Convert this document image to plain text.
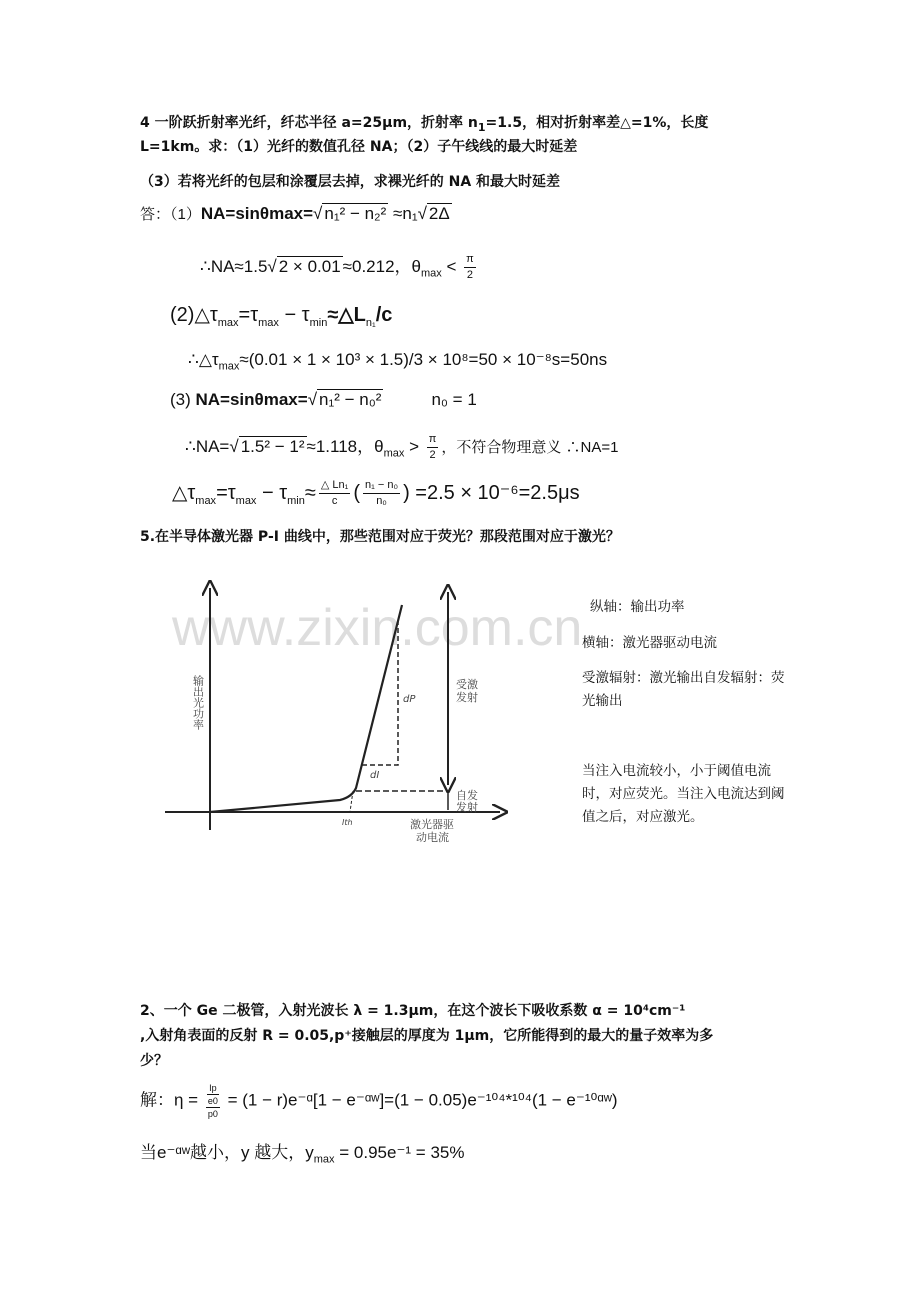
4 一阶跃折射率光纤，纤芯半径 a=25μm，折射率 $n_1=1.5$，相对折射率差△=1%，长度
L=1km。求：（1）光纤的数值孔径 NA；（2）子午线线的最大时延差
（3）若将光纤的包层和涂覆层去掉，求裸光纤的 NA 和最大时延差
答：（1）NA=sinθmax=√ n₁² − n₂² ≈n₁√ 2Δ
∴NA≈1.5√ 2 × 0.01 ≈0.212，$\theta_{max} < \frac{\pi}{2}$
$(2)\triangle\tau_{max}=\tau_{max}$ − $\tau_{min}\approx\triangle L_{n_1}/c$
$\therefore\triangle\tau_{max}\approx(0.01 \times 1 \times 10^3 \times 1.5)/3 \times 10^8=50 \times 10^{-8}s=50ns$
(3) NA=sinθmax=√ n₁² − n₀²	n₀ = 1
∴NA=√ 1.5² − 1² ≈1.118，$\theta_{max} > \frac{\pi}{2}$ ，不符合物理意义 ∴NA=1
$\triangle\tau_{max}=\tau_{max} - \tau_{min}\approx \frac{\text{△ Ln₁}}{c}$ ( $\frac{\text{n₁ − n₀}}{\text{n₀}}$ ) =2.5 × 10⁻⁶=2.5μs
5.在半导体激光器 P-I 曲线中，那些范围对应于荧光？那段范围对应于激光？
www.zixin.com.cn
输出光功率	受激
发射
自发
发射
激光器驱
动电流
dP
dI
Ith
纵轴：输出功率
横轴：激光器驱动电流
受激辐射：激光输出自发辐射：荧光输出
当注入电流较小，小于阈值电流时，对应荧光。当注入电流达到阈值之后，对应激光。
2、一个 Ge 二极管，入射光波长 λ = 1.3μm，在这个波长下吸收系数 α = 10⁴cm⁻¹
,入射角表面的反射 R = 0.05,p⁺接触层的厚度为 1μm，它所能得到的最大的量子效率为多
少？
解：η =
Ip
e0
p0
= (1 − r)e⁻ᵅ[1 − e⁻ᵅʷ]=(1 − 0.05)e⁻¹⁰⁴*¹⁰⁴(1 − e⁻¹⁰ᵅʷ)
当e⁻ᵅʷ越小，y 越大，$y_{max} = 0.95e^{-1} = 35\%$
